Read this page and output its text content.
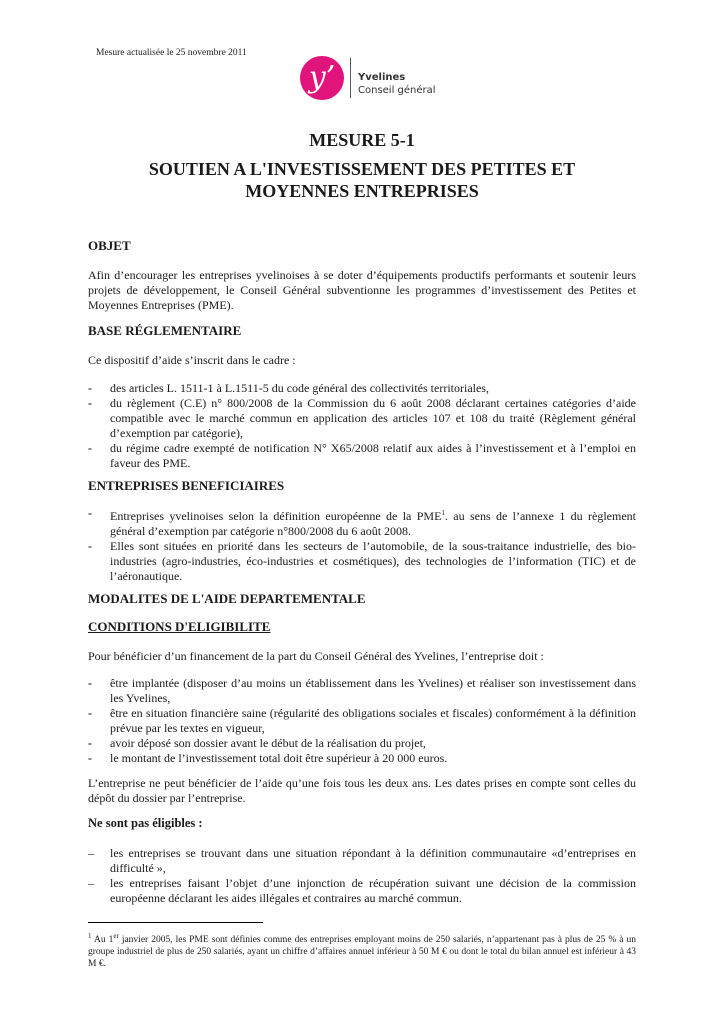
Mesure actualisée le 25 novembre 2011
y’	Yvelines
Conseil général
MESURE 5-1
SOUTIEN A L'INVESTISSEMENT DES PETITES ET MOYENNES ENTREPRISES
OBJET

Afin d’encourager les entreprises yvelinoises à se doter d’équipements productifs performants et soutenir leurs projets de développement, le Conseil Général subventionne les programmes d’investissement des Petites et Moyennes Entreprises (PME).

BASE RÉGLEMENTAIRE

Ce dispositif d’aide s’inscrit dans le cadre :

- des articles L. 1511-1 à L.1511-5 du code général des collectivités territoriales,
- du règlement (C.E) n° 800/2008 de la Commission du 6 août 2008 déclarant certaines catégories d’aide compatible avec le marché commun en application des articles 107 et 108 du traité (Règlement général d’exemption par catégorie),
- du régime cadre exempté de notification N° X65/2008 relatif aux aides à l’investissement et à l’emploi en faveur des PME.
ENTREPRISES BENEFICIAIRES
- Entreprises yvelinoises selon la définition européenne de la PME$^1$. au sens de l’annexe 1 du règlement général d’exemption par catégorie n°800/2008 du 6 août 2008.
- Elles sont situées en priorité dans les secteurs de l’automobile, de la sous-traitance industrielle, des bio-industries (agro-industries, éco-industries et cosmétiques), des technologies de l’information (TIC) et de l’aéronautique.
MODALITES DE L'AIDE DEPARTEMENTALE
CONDITIONS D'ELIGIBILITE

Pour bénéficier d’un financement de la part du Conseil Général des Yvelines, l’entreprise doit :

- être implantée (disposer d’au moins un établissement dans les Yvelines) et réaliser son investissement dans les Yvelines,
- être en situation financière saine (régularité des obligations sociales et fiscales) conformément à la définition prévue par les textes en vigueur,
- avoir déposé son dossier avant le début de la réalisation du projet,
- le montant de l’investissement total doit être supérieur à 20 000 euros.

L’entreprise ne peut bénéficier de l’aide qu’une fois tous les deux ans. Les dates prises en compte sont celles du dépôt du dossier par l’entreprise.

Ne sont pas éligibles :
– les entreprises se trouvant dans une situation répondant à la définition communautaire «d’entreprises en difficulté »,
– les entreprises faisant l’objet d’une injonction de récupération suivant une décision de la commission européenne déclarant les aides illégales et contraires au marché commun.

$^1$ Au 1er janvier 2005, les PME sont définies comme des entreprises employant moins de 250 salariés, n’appartenant pas à plus de 25 % à un groupe industriel de plus de 250 salariés, ayant un chiffre d’affaires annuel inférieur à 50 M € ou dont le total du bilan annuel est inférieur à 43 M €.
